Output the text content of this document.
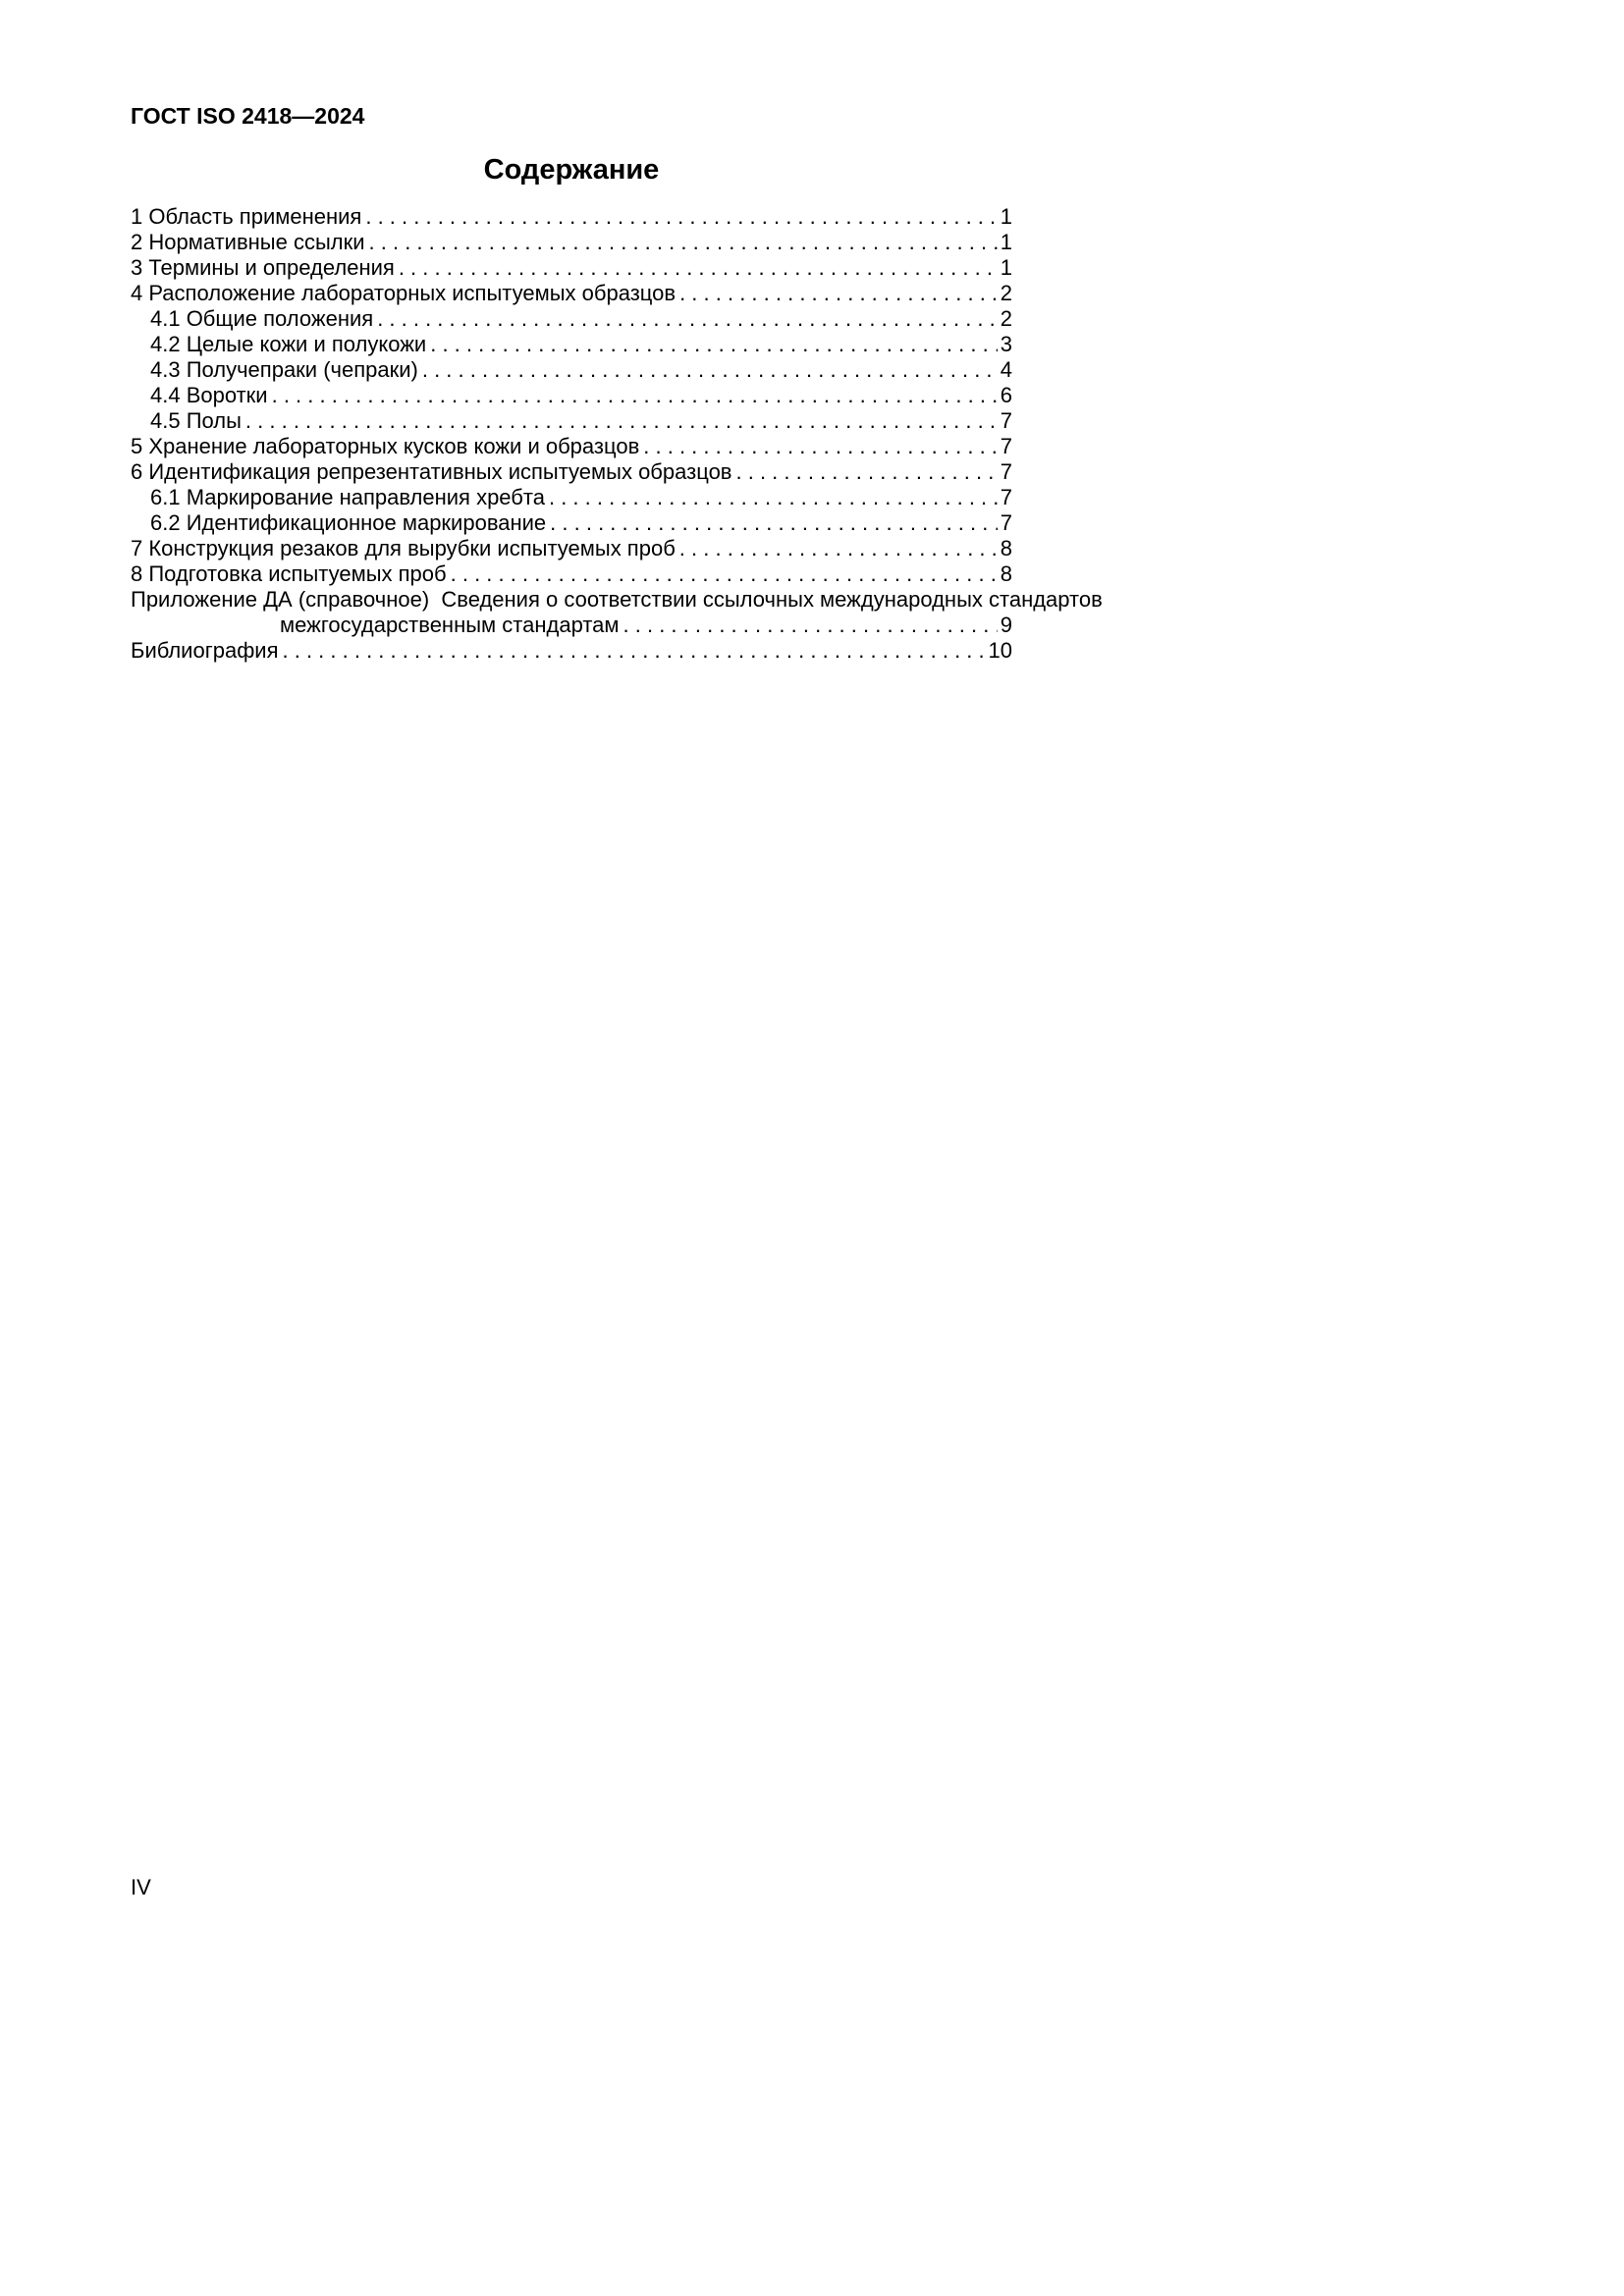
ГОСТ ISO 2418—2024
Содержание
1 Область применения . . .	1
2 Нормативные ссылки . . .	1
3 Термины и определения . . .	1
4 Расположение лабораторных испытуемых образцов . . .	2
4.1 Общие положения . . .	2
4.2 Целые кожи и полукожи . . .	3
4.3 Получепраки (чепраки) . . .	4
4.4 Воротки . . .	6
4.5 Полы . . .	7
5 Хранение лабораторных кусков кожи и образцов . . .	7
6 Идентификация репрезентативных испытуемых образцов . . .	7
6.1 Маркирование направления хребта . . .	7
6.2 Идентификационное маркирование . . .	7
7 Конструкция резаков для вырубки испытуемых проб . . .	8
8 Подготовка испытуемых проб . . .	8
Приложение ДА (справочное)  Сведения о соответствии ссылочных международных стандартов
межгосударственным стандартам . . .	9
Библиография . . .	10
IV
